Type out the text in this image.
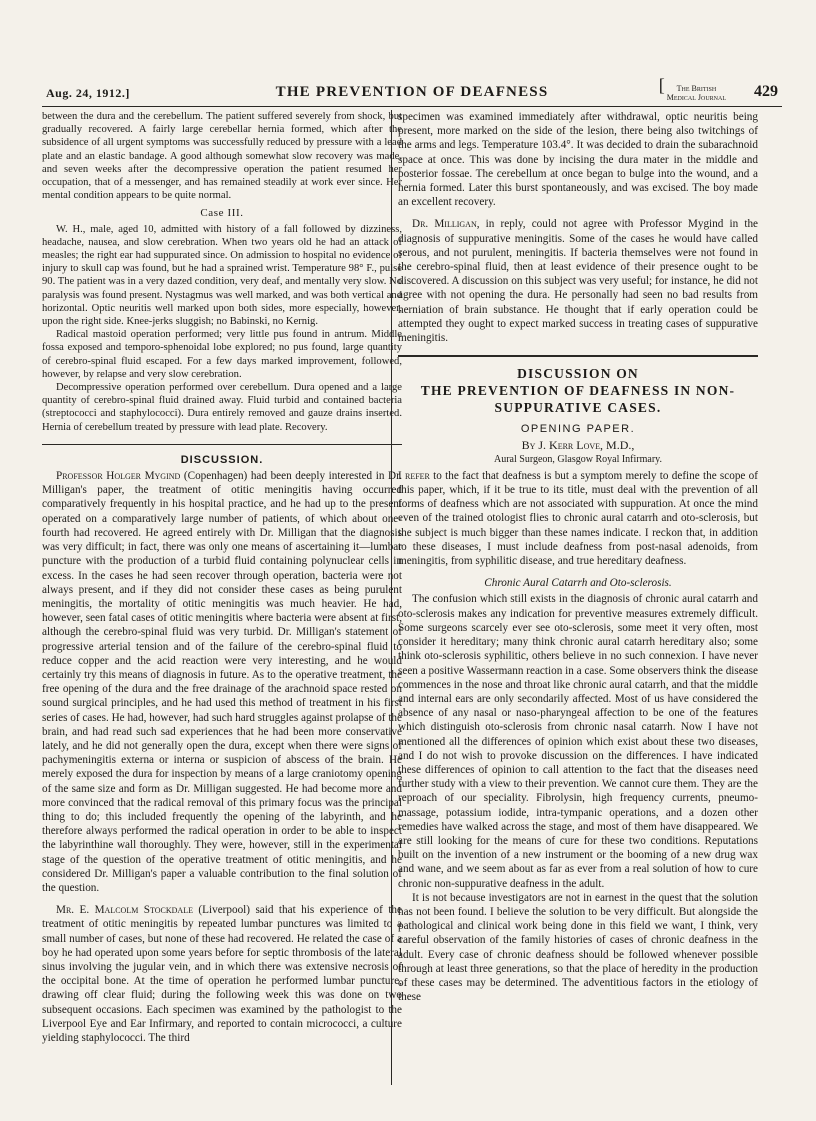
Aug. 24, 1912.]	THE PREVENTION OF DEAFNESS	[ The British
Medical Journal 429

between the dura and the cerebellum. The patient suffered severely from shock, but gradually recovered. A fairly large cerebellar hernia formed, which after the subsidence of all urgent symptoms was successfully reduced by pressure with a lead plate and an elastic bandage. A good although somewhat slow recovery was made, and seven weeks after the decompressive operation the patient resumed her occupation, that of a messenger, and has remained steadily at work ever since. Her mental condition appears to be quite normal.

Case III.

W. H., male, aged 10, admitted with history of a fall followed by dizziness, headache, nausea, and slow cerebration. When two years old he had an attack of measles; the right ear had suppurated since. On admission to hospital no evidence of injury to skull cap was found, but he had a sprained wrist. Temperature 98° F., pulse 90. The patient was in a very dazed condition, very deaf, and mentally very slow. No paralysis was found present. Nystagmus was well marked, and was both vertical and horizontal. Optic neuritis well marked upon both sides, more especially, however, upon the right side. Knee-jerks sluggish; no Babinski, no Kernig.

Radical mastoid operation performed; very little pus found in antrum. Middle fossa exposed and temporo-sphenoidal lobe explored; no pus found, large quantity of cerebro-spinal fluid escaped. For a few days marked improvement, followed, however, by relapse and very slow cerebration.

Decompressive operation performed over cerebellum. Dura opened and a large quantity of cerebro-spinal fluid drained away. Fluid turbid and contained bacteria (streptococci and staphylococci). Dura entirely removed and gauze drains inserted. Hernia of cerebellum treated by pressure with lead plate. Recovery.

DISCUSSION.

Professor Holger Mygind (Copenhagen) had been deeply interested in Dr. Milligan's paper, the treatment of otitic meningitis having occurred comparatively frequently in his hospital practice, and he had up to the present operated on a comparatively large number of patients, of which about one-fourth had recovered. He agreed entirely with Dr. Milligan that the diagnosis was very difficult; in fact, there was only one means of ascertaining it—lumbar puncture with the production of a turbid fluid containing polynuclear cells in excess. In the cases he had seen recover through operation, bacteria were not always present, and if they did not consider these cases as being purulent meningitis, the mortality of otitic meningitis was much heavier. He had, however, seen fatal cases of otitic meningitis where bacteria were absent at first, although the cerebro-spinal fluid was very turbid. Dr. Milligan's statement of progressive arterial tension and of the failure of the cerebro-spinal fluid to reduce copper and the acid reaction were very interesting, and he would certainly try this means of diagnosis in future. As to the operative treatment, the free opening of the dura and the free drainage of the arachnoid space rested on sound surgical principles, and he had used this method of treatment in his first series of cases. He had, however, had such hard struggles against prolapse of the brain, and had read such sad experiences that he had been more conservative lately, and he did not generally open the dura, except when there were signs of pachymeningitis externa or interna or suspicion of abscess of the brain. He merely exposed the dura for inspection by means of a large craniotomy opening of the same size and form as Dr. Milligan suggested. He had become more and more convinced that the radical removal of this primary focus was the principal thing to do; this included frequently the opening of the labyrinth, and he therefore always performed the radical operation in order to be able to inspect the labyrinthine wall thoroughly. They were, however, still in the experimental stage of the question of the operative treatment of otitic meningitis, and he considered Dr. Milligan's paper a valuable contribution to the final solution of the question.

Mr. E. Malcolm Stockdale (Liverpool) said that his experience of the treatment of otitic meningitis by repeated lumbar punctures was limited to a small number of cases, but none of these had recovered. He related the case of a boy he had operated upon some years before for septic thrombosis of the lateral sinus involving the jugular vein, and in which there was extensive necrosis of the occipital bone. At the time of operation he performed lumbar puncture, drawing off clear fluid; during the following week this was done on two subsequent occasions. Each specimen was examined by the pathologist to the Liverpool Eye and Ear Infirmary, and reported to contain micrococci, a culture yielding staphylococci. The third

specimen was examined immediately after withdrawal, optic neuritis being present, more marked on the side of the lesion, there being also twitchings of the arms and legs. Temperature 103.4°. It was decided to drain the subarachnoid space at once. This was done by incising the dura mater in the middle and posterior fossae. The cerebellum at once began to bulge into the wound, and a hernia formed. Later this burst spontaneously, and was excised. The boy made an excellent recovery.

Dr. Milligan, in reply, could not agree with Professor Mygind in the diagnosis of suppurative meningitis. Some of the cases he would have called serous, and not purulent, meningitis. If bacteria themselves were not found in the cerebro-spinal fluid, then at least evidence of their presence ought to be discovered. A discussion on this subject was very useful; for instance, he did not agree with not opening the dura. He personally had seen no bad results from herniation of brain substance. He thought that if early operation could be attempted they ought to expect marked success in treating cases of suppurative meningitis.

DISCUSSION ON
THE PREVENTION OF DEAFNESS IN NON-SUPPURATIVE CASES.
OPENING PAPER.
By J. Kerr Love, M.D.,
Aural Surgeon, Glasgow Royal Infirmary.

I refer to the fact that deafness is but a symptom merely to define the scope of this paper, which, if it be true to its title, must deal with the prevention of all forms of deafness which are not associated with suppuration. At once the mind even of the trained otologist flies to chronic aural catarrh and oto-sclerosis, but the subject is much bigger than these names indicate. I reckon that, in addition to these diseases, I must include deafness from post-nasal adenoids, from meningitis, from syphilitic disease, and true hereditary deafness.

Chronic Aural Catarrh and Oto-sclerosis.

The confusion which still exists in the diagnosis of chronic aural catarrh and oto-sclerosis makes any indication for preventive measures extremely difficult. Some surgeons scarcely ever see oto-sclerosis, some meet it very often, most consider it hereditary; many think chronic aural catarrh hereditary also; some think oto-sclerosis syphilitic, others believe in no such connexion. I have never seen a positive Wassermann reaction in a case. Some observers think the disease commences in the nose and throat like chronic aural catarrh, and that the middle and internal ears are only secondarily affected. Most of us have considered the absence of any nasal or naso-pharyngeal affection to be one of the features which distinguish oto-sclerosis from chronic nasal catarrh. Now I have not mentioned all the differences of opinion which exist about these two diseases, and I do not wish to provoke discussion on the differences. I have indicated these differences of opinion to call attention to the fact that the diseases need further study with a view to their prevention. We cannot cure them. They are the reproach of our speciality. Fibrolysin, high frequency currents, pneumo-massage, potassium iodide, intra-tympanic operations, and a dozen other remedies have walked across the stage, and most of them have disappeared. We are still looking for the means of cure for these two conditions. Reputations built on the invention of a new instrument or the booming of a new drug wax and wane, and we seem about as far as ever from a real solution of how to cure chronic non-suppurative deafness in the adult.

It is not because investigators are not in earnest in the quest that the solution has not been found. I believe the solution to be very difficult. But alongside the pathological and clinical work being done in this field we want, I think, very careful observation of the family histories of cases of chronic deafness in the adult. Every case of chronic deafness should be followed whenever possible through at least three generations, so that the place of heredity in the production of these cases may be determined. The adventitious factors in the etiology of these
